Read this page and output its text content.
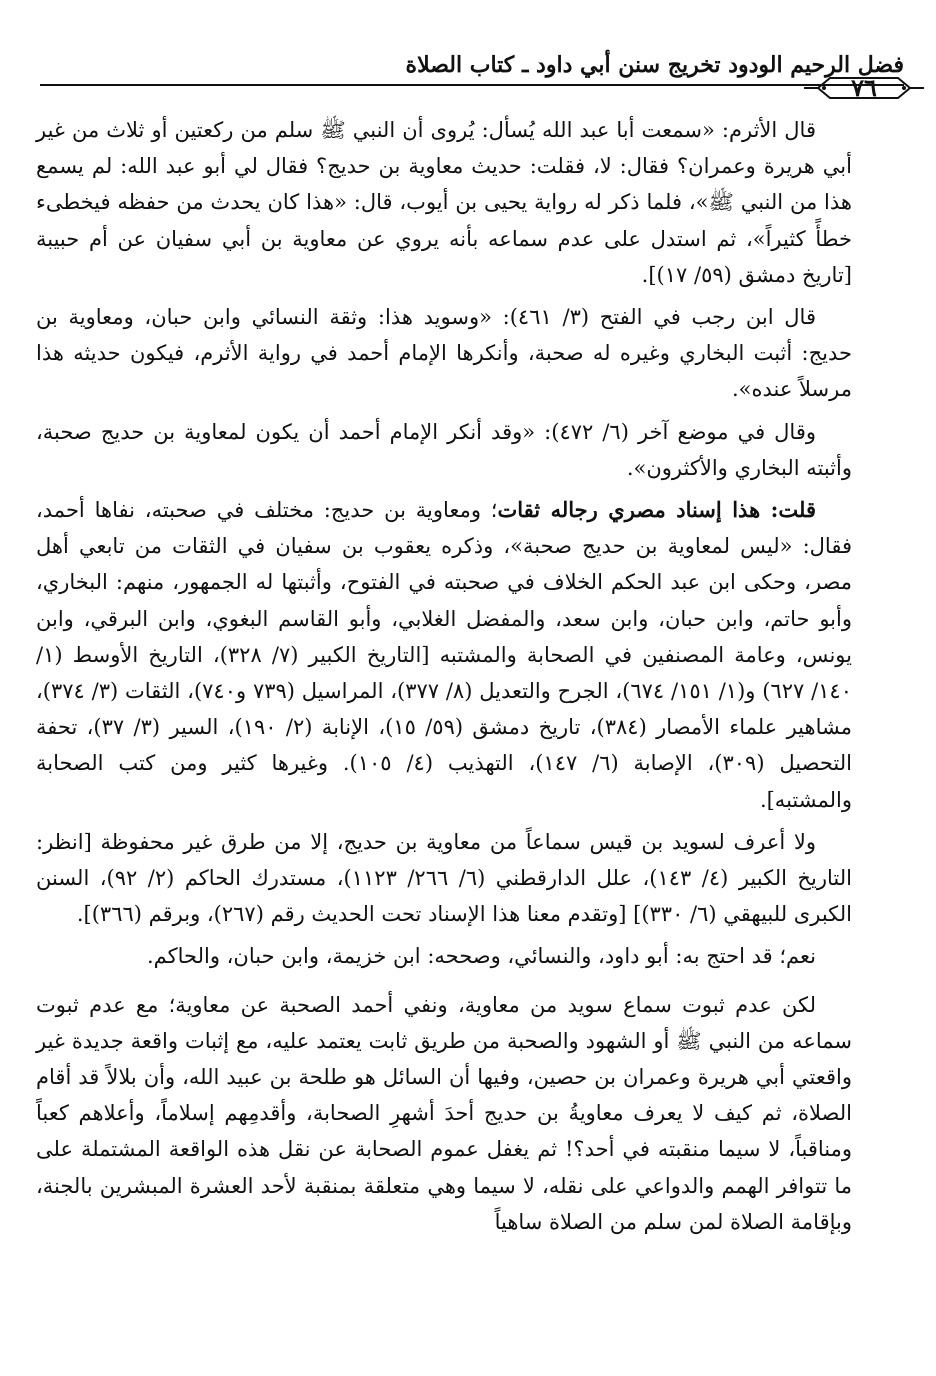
فضل الرحيم الودود تخريج سنن أبي داود ـ كتاب الصلاة
٧٦

قال الأثرم: «سمعت أبا عبد الله يُسأل: يُروى أن النبي ﷺ سلم من ركعتين أو ثلاث من غير أبي هريرة وعمران؟ فقال: لا، فقلت: حديث معاوية بن حديج؟ فقال لي أبو عبد الله: لم يسمع هذا من النبي ﷺ»، فلما ذكر له رواية يحيى بن أيوب، قال: «هذا كان يحدث من حفظه فيخطىء خطأً كثيراً»، ثم استدل على عدم سماعه بأنه يروي عن معاوية بن أبي سفيان عن أم حبيبة [تاريخ دمشق (٥٩/ ١٧)].

قال ابن رجب في الفتح (٣/ ٤٦١): «وسويد هذا: وثقة النسائي وابن حبان، ومعاوية بن حديج: أثبت البخاري وغيره له صحبة، وأنكرها الإمام أحمد في رواية الأثرم، فيكون حديثه هذا مرسلاً عنده».

وقال في موضع آخر (٦/ ٤٧٢): «وقد أنكر الإمام أحمد أن يكون لمعاوية بن حديج صحبة، وأثبته البخاري والأكثرون».

قلت: هذا إسناد مصري رجاله ثقات؛ ومعاوية بن حديج: مختلف في صحبته، نفاها أحمد، فقال: «ليس لمعاوية بن حديج صحبة»، وذكره يعقوب بن سفيان في الثقات من تابعي أهل مصر، وحكى ابن عبد الحكم الخلاف في صحبته في الفتوح، وأثبتها له الجمهور، منهم: البخاري، وأبو حاتم، وابن حبان، وابن سعد، والمفضل الغلابي، وأبو القاسم البغوي، وابن البرقي، وابن يونس، وعامة المصنفين في الصحابة والمشتبه [التاريخ الكبير (٧/ ٣٢٨)، التاريخ الأوسط (١/ ١٤٠/ ٦٢٧) و(١/ ١٥١/ ٦٧٤)، الجرح والتعديل (٨/ ٣٧٧)، المراسيل (٧٣٩ و٧٤٠)، الثقات (٣/ ٣٧٤)، مشاهير علماء الأمصار (٣٨٤)، تاريخ دمشق (٥٩/ ١٥)، الإنابة (٢/ ١٩٠)، السير (٣/ ٣٧)، تحفة التحصيل (٣٠٩)، الإصابة (٦/ ١٤٧)، التهذيب (٤/ ١٠٥). وغيرها كثير ومن كتب الصحابة والمشتبه].

ولا أعرف لسويد بن قيس سماعاً من معاوية بن حديج، إلا من طرق غير محفوظة [انظر: التاريخ الكبير (٤/ ١٤٣)، علل الدارقطني (٦/ ٢٦٦/ ١١٢٣)، مستدرك الحاكم (٢/ ٩٢)، السنن الكبرى للبيهقي (٦/ ٣٣٠)] [وتقدم معنا هذا الإسناد تحت الحديث رقم (٢٦٧)، وبرقم (٣٦٦)].

نعم؛ قد احتج به: أبو داود، والنسائي، وصححه: ابن خزيمة، وابن حبان، والحاكم.

لكن عدم ثبوت سماع سويد من معاوية، ونفي أحمد الصحبة عن معاوية؛ مع عدم ثبوت سماعه من النبي ﷺ أو الشهود والصحبة من طريق ثابت يعتمد عليه، مع إثبات واقعة جديدة غير واقعتي أبي هريرة وعمران بن حصين، وفيها أن السائل هو طلحة بن عبيد الله، وأن بلالاً قد أقام الصلاة، ثم كيف لا يعرف معاويةُ بن حديج أحدَ أشهرِ الصحابة، وأقدمِهم إسلاماً، وأعلاهم كعباً ومناقباً، لا سيما منقبته في أحد؟! ثم يغفل عموم الصحابة عن نقل هذه الواقعة المشتملة على ما تتوافر الهمم والدواعي على نقله، لا سيما وهي متعلقة بمنقبة لأحد العشرة المبشرين بالجنة، وبإقامة الصلاة لمن سلم من الصلاة ساهياً
